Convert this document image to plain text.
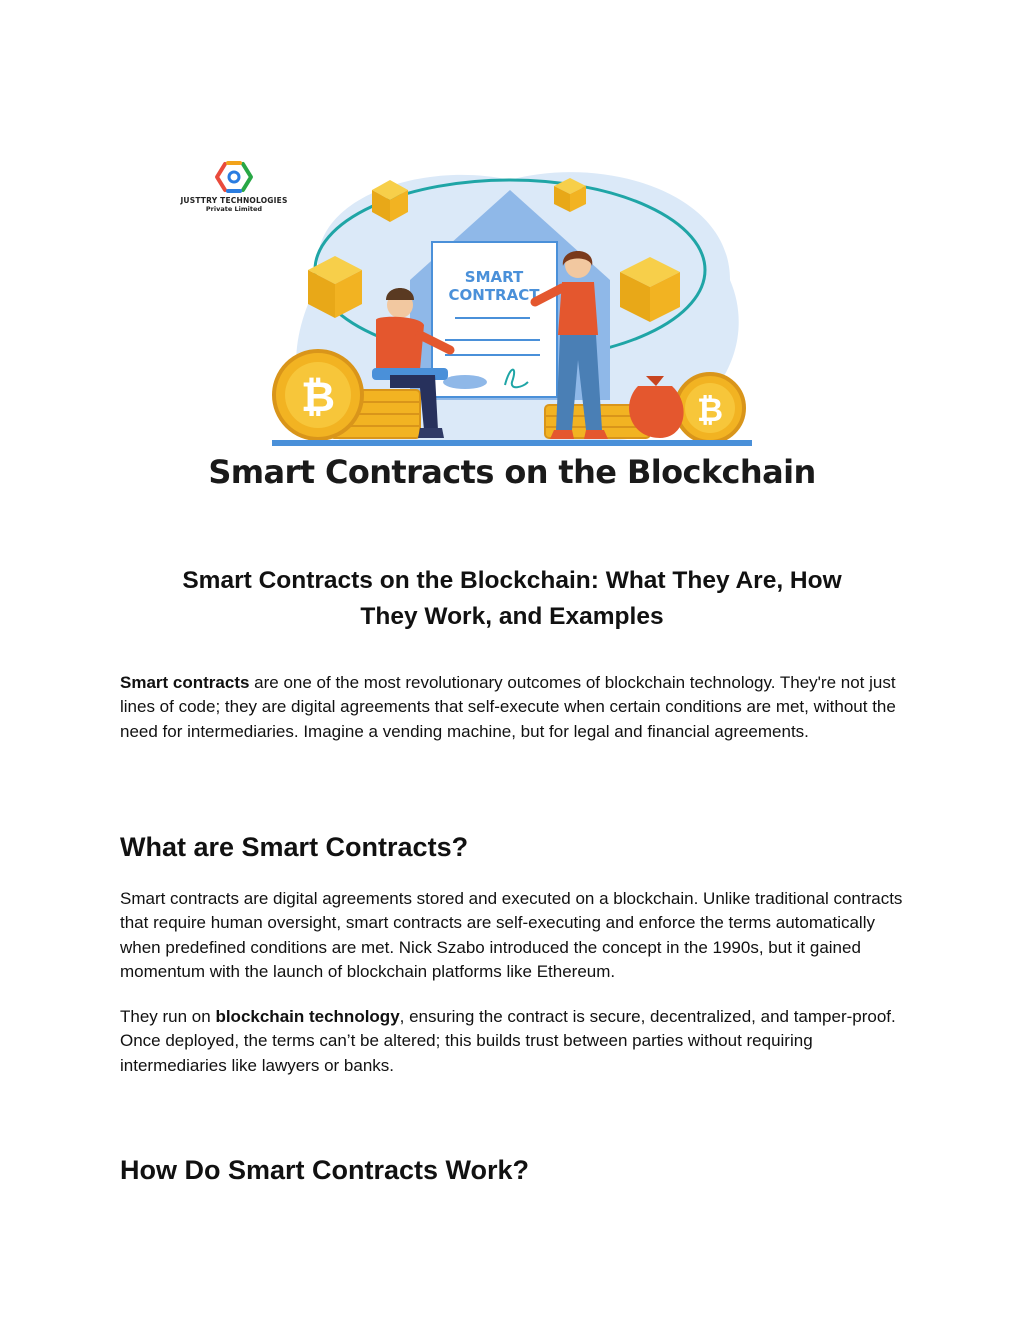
JUSTTRY TECHNOLOGIES
Private Limited
SMART
CONTRACT
₿	₿
Smart Contracts on the Blockchain
Smart Contracts on the Blockchain: What They Are, How
They Work, and Examples

Smart contracts are one of the most revolutionary outcomes of blockchain technology. They're not just lines of code; they are digital agreements that self-execute when certain conditions are met, without the need for intermediaries. Imagine a vending machine, but for legal and financial agreements.

What are Smart Contracts?

Smart contracts are digital agreements stored and executed on a blockchain. Unlike traditional contracts that require human oversight, smart contracts are self-executing and enforce the terms automatically when predefined conditions are met. Nick Szabo introduced the concept in the 1990s, but it gained momentum with the launch of blockchain platforms like Ethereum.

They run on blockchain technology, ensuring the contract is secure, decentralized, and tamper-proof. Once deployed, the terms can’t be altered; this builds trust between parties without requiring intermediaries like lawyers or banks.

How Do Smart Contracts Work?
